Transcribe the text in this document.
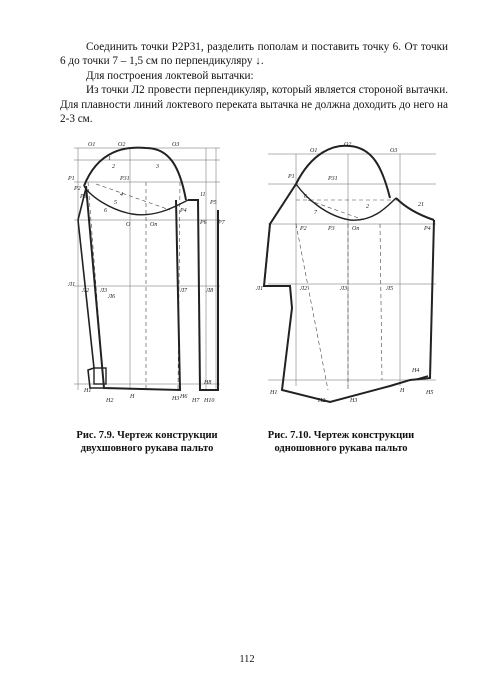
Соединить точки P2P31, разделить пополам и поставить точку 6. От точки 6 до точки 7 – 1,5 см по перпендикуляру ↓.

Для построения локтевой вытачки:

Из точки Л2 провести перпендикуляр, который является стороной вытачки. Для плавности линий локтевого переката вытачка не должна доходить до него на 2-3 см.

O1	O2	O3
P1
P2
P3
P31
P4
P5
P6 P7
O	Oп
1
2	3
4
5
6
11
Л1
Л2 Л3
Л6
Л7	Л8
Н
Н1
Н2	Н3 Н6
Н7
Н8
Н10
O1
O2
O3
P1
P2	P3
P31
P4
6
7
2	21
Oп
Л1	Л2	Л3	Л5
Н
Н1
Н2	Н3
Н4
Н5
Рис. 7.9. Чертеж конструкции
двухшовного рукава пальто
Рис. 7.10. Чертеж конструкции
одношовного рукава пальто
112
